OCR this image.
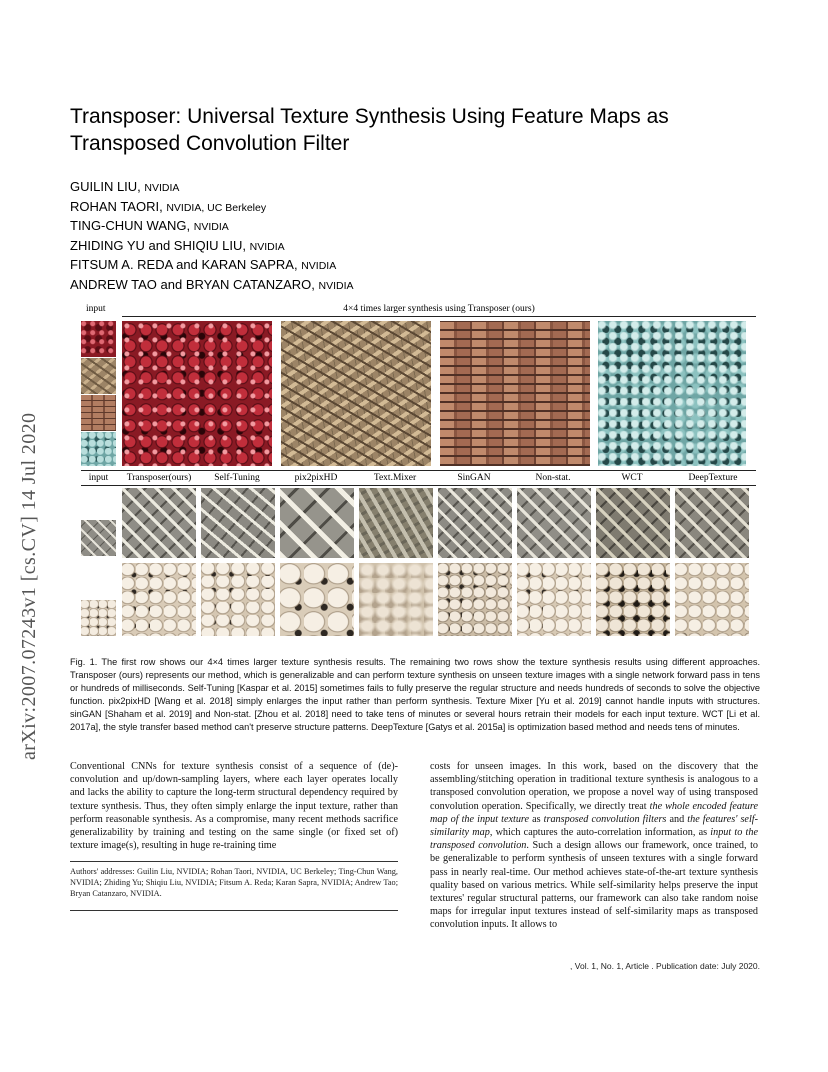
arXiv:2007.07243v1 [cs.CV] 14 Jul 2020
Transposer: Universal Texture Synthesis Using Feature Maps as Transposed Convolution Filter
GUILIN LIU, NVIDIA
ROHAN TAORI, NVIDIA, UC Berkeley
TING-CHUN WANG, NVIDIA
ZHIDING YU and SHIQIU LIU, NVIDIA
FITSUM A. REDA and KARAN SAPRA, NVIDIA
ANDREW TAO and BRYAN CATANZARO, NVIDIA
input	4×4 times larger synthesis using Transposer (ours)
input	Transposer(ours)	Self-Tuning	pix2pixHD	Text.Mixer	SinGAN	Non-stat.	WCT	DeepTexture
Fig. 1. The first row shows our 4×4 times larger texture synthesis results. The remaining two rows show the texture synthesis results using different approaches. Transposer (ours) represents our method, which is generalizable and can perform texture synthesis on unseen texture images with a single network forward pass in tens or hundreds of milliseconds. Self-Tuning [Kaspar et al. 2015] sometimes fails to fully preserve the regular structure and needs hundreds of seconds to solve the objective function. pix2pixHD [Wang et al. 2018] simply enlarges the input rather than perform synthesis. Texture Mixer [Yu et al. 2019] cannot handle inputs with structures. sinGAN [Shaham et al. 2019] and Non-stat. [Zhou et al. 2018] need to take tens of minutes or several hours retrain their models for each input texture. WCT [Li et al. 2017a], the style transfer based method can't preserve structure patterns. DeepTexture [Gatys et al. 2015a] is optimization based method and needs tens of minutes.
Conventional CNNs for texture synthesis consist of a sequence of (de)-convolution and up/down-sampling layers, where each layer operates locally and lacks the ability to capture the long-term structural dependency required by texture synthesis. Thus, they often simply enlarge the input texture, rather than perform reasonable synthesis. As a compromise, many recent methods sacrifice generalizability by training and testing on the same single (or fixed set of) texture image(s), resulting in huge re-training time
Authors' addresses: Guilin Liu, NVIDIA; Rohan Taori, NVIDIA, UC Berkeley; Ting-Chun Wang, NVIDIA; Zhiding Yu; Shiqiu Liu, NVIDIA; Fitsum A. Reda; Karan Sapra, NVIDIA; Andrew Tao; Bryan Catanzaro, NVIDIA.
costs for unseen images. In this work, based on the discovery that the assembling/stitching operation in traditional texture synthesis is analogous to a transposed convolution operation, we propose a novel way of using transposed convolution operation. Specifically, we directly treat the whole encoded feature map of the input texture as transposed convolution filters and the features' self-similarity map, which captures the auto-correlation information, as input to the transposed convolution. Such a design allows our framework, once trained, to be generalizable to perform synthesis of unseen textures with a single forward pass in nearly real-time. Our method achieves state-of-the-art texture synthesis quality based on various metrics. While self-similarity helps preserve the input textures' regular structural patterns, our framework can also take random noise maps for irregular input textures instead of self-similarity maps as transposed convolution inputs. It allows to
, Vol. 1, No. 1, Article . Publication date: July 2020.
